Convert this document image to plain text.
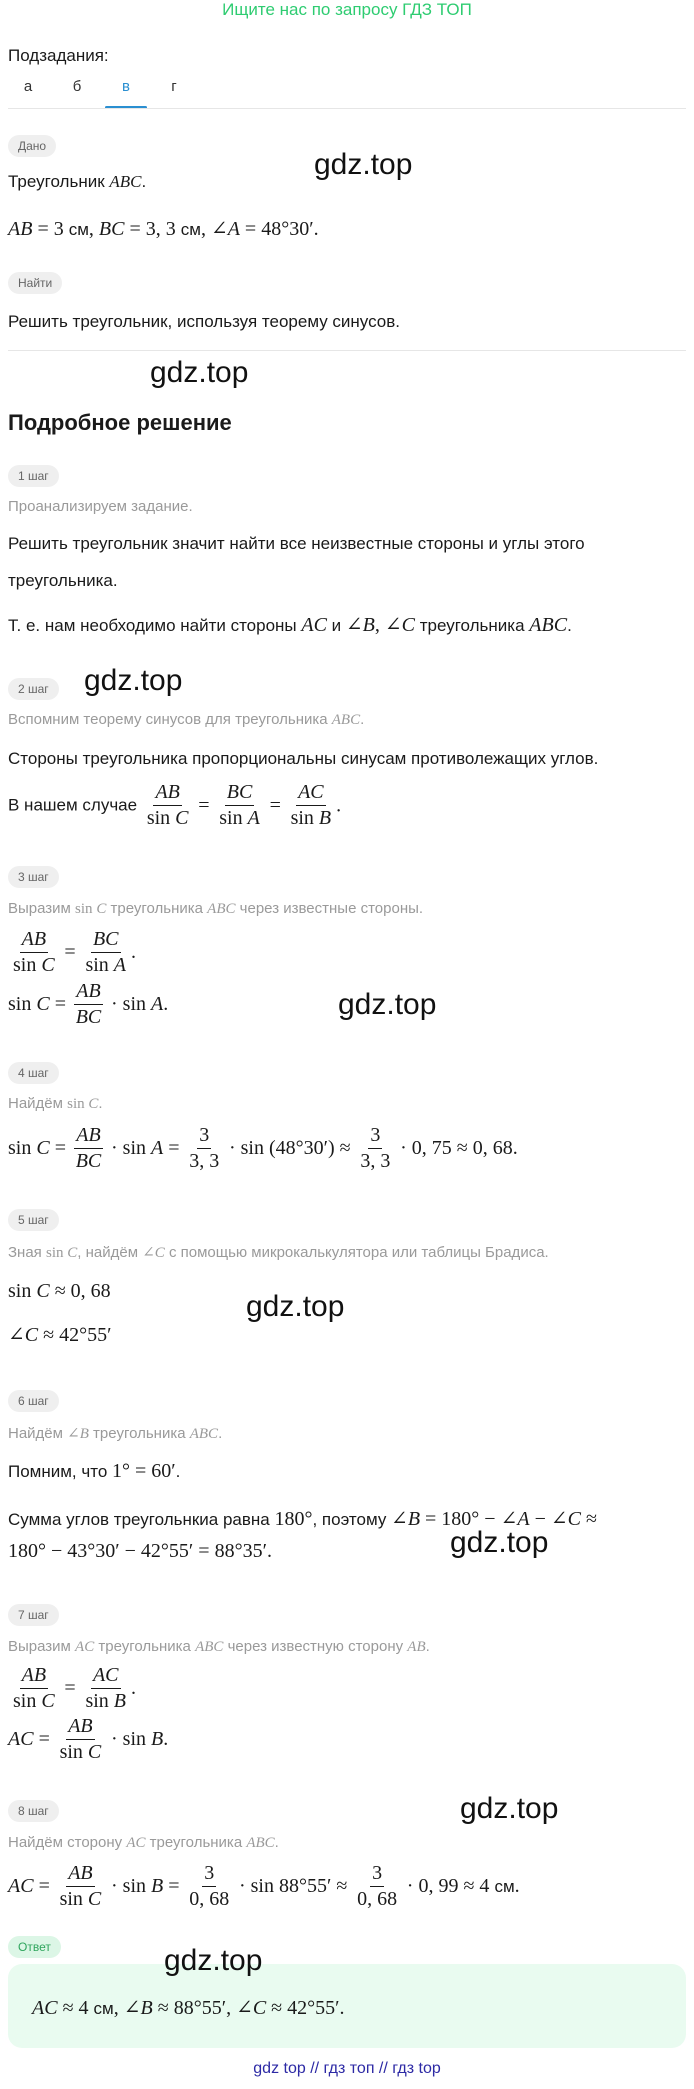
Ищите нас по запросу ГДЗ ТОП
Подзадания:
а	б	в	г
Дано
Треугольник ABC.
AB = 3 см, BC = 3, 3 см, ∠A = 48°30′.
gdz.top
Найти
Решить треугольник, используя теорему синусов.
gdz.top
Подробное решение
1 шаг
Проанализируем задание.
Решить треугольник значит найти все неизвестные стороны и углы этого
треугольника.
Т. е. нам необходимо найти стороны AC и ∠B, ∠C треугольника ABC.
2 шаг	gdz.top
Вспомним теорему синусов для треугольника ABC.
Стороны треугольника пропорциональны синусам противолежащих углов.
В нашем случае $\frac{AB}{\text{sin C}} = \frac{BC}{\text{sin A}} = \frac{AC}{\text{sin B}}$ .
3 шаг
Выразим sin C треугольника ABC через известные стороны.
$\frac{AB}{\text{sin C}} = \frac{BC}{\text{sin A}}$ .
$\sin C = \frac{AB}{BC} \cdot \sin A$.	gdz.top
4 шаг
Найдём sin C.
$\sin C = \frac{AB}{BC} \cdot \sin A = \frac{3}{3, 3} \cdot \sin (48^\circ 30') \approx \frac{3}{3, 3} \cdot 0$, 75 ≈ 0, 68.
5 шаг
Зная sin C, найдём ∠C с помощью микрокалькулятора или таблицы Брадиса.
sin C ≈ 0, 68
∠C ≈ 42°55′
gdz.top
6 шаг
Найдём ∠B треугольника ABC.
Помним, что 1° = 60′.
Сумма углов треугольнкиа равна 180°, поэтому ∠B = 180° − ∠A − ∠C ≈
180° − 43°30′ − 42°55′ = 88°35′.	gdz.top
7 шаг
Выразим AC треугольника ABC через известную сторону AB.
$\frac{AB}{\text{sin C}} = \frac{AC}{\text{sin B}}$ .
AC = $\frac{AB}{\text{sin C}} \cdot \sin B$.
8 шаг	gdz.top
Найдём сторону AC треугольника ABC.
AC = $\frac{AB}{\text{sin C}} \cdot \sin B = \frac{3}{0, 68} \cdot \sin 88^\circ 55' \approx \frac{3}{0, 68} \cdot 0$, 99 ≈ 4 см.
Ответ
AC ≈ 4 см, ∠B ≈ 88°55′, ∠C ≈ 42°55′.
gdz.top
gdz top // гдз топ // гдз top
